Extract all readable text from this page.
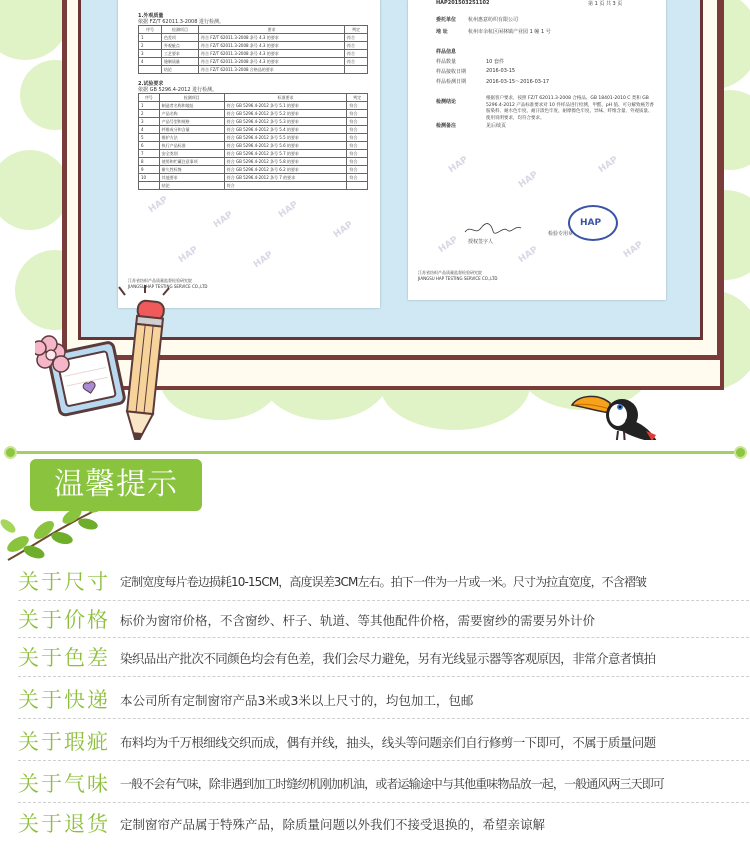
1.外观质量
依据 FZ/T 62011.3-2008 进行检测。
序号	检测项目	要求	判定
1	色差项	符合 FZ/T 62011.3-2008 条号 4.3 的要求	符合
2	外观疵点	符合 FZ/T 62011.3-2008 条号 4.3 的要求	符合
3	工艺要求	符合 FZ/T 62011.3-2008 条号 4.3 的要求	符合
4	缝制质量	符合 FZ/T 62011.3-2008 条号 4.3 的要求	符合
	结论	符合 FZ/T 62011.3-2008 合格品的要求	
2.试验要求
依据 GB 5296.4-2012 进行检测。
序号	检测项目	标准要求	判定
1	制造者名称和地址	符合 GB 5296.4-2012 条号 5.1 的要求	符合
2	产品名称	符合 GB 5296.4-2012 条号 5.2 的要求	符合
3	产品号型和规格	符合 GB 5296.4-2012 条号 5.3 的要求	符合
4	纤维成分和含量	符合 GB 5296.4-2012 条号 5.4 的要求	符合
5	维护方法	符合 GB 5296.4-2012 条号 5.5 的要求	符合
6	执行产品标准	符合 GB 5296.4-2012 条号 5.6 的要求	符合
7	安全类别	符合 GB 5296.4-2012 条号 5.7 的要求	符合
8	使用和贮藏注意事项	符合 GB 5296.4-2012 条号 5.8 的要求	符合
9	耐久性标签	符合 GB 5296.4-2012 条号 6.2 的要求	符合
10	其他要求	符合 GB 5296.4-2012 条号 7 的要求	符合
	结论	符合	
HAP
HAP	HAP
HAP
HAP	HAP
江苏省纺织产品质量监督检验研究院
JIANGSU HAP TESTING SERVICE CO.,LTD
HAP201503251102	第 1 页 共 3 页
委托单位 杭州惠意纺织有限公司
地 址	杭州市余杭区闲林镇产业园 1 幢 1 号
样品信息
样品数量	10 套件
样品接收日期	2016-03-15
样品检测日期	2016-03-15～2016-03-17
检测结论
根据客户要求，按照 FZ/T 62011.3-2008 合格品、GB 18401-2010 C 类和 GB 5296.4-2012 产品标准要求对 10 件样品进行检测，甲醛、pH 值、可分解致癌芳香胺染料、耐水色牢度、耐汗渍色牢度、耐摩擦色牢度、异味、纤维含量、外观质量、使用说明要求，均符合要求。
检测备注	见后续页
HAP
HAP
HAP
HAP	HAP	HAP
授权签字人
HAP
检验专用章
江苏省纺织产品质量监督检验研究院
JIANGSU HAP TESTING SERVICE CO.,LTD
温馨提示
关于尺寸 定制宽度每片卷边损耗10-15CM，高度误差3CM左右。拍下一件为一片或一米。尺寸为拉直宽度，不含褶皱
关于价格 标价为窗帘价格，不含窗纱、杆子、轨道、等其他配件价格，需要窗纱的需要另外计价
关于色差 染织品出产批次不同颜色均会有色差，我们会尽力避免，另有光线显示器等客观原因，非常介意者慎拍
关于快递 本公司所有定制窗帘产品3米或3米以上尺寸的，均包加工，包邮
关于瑕疵 布料均为千万根细线交织而成，偶有并线，抽头，线头等问题亲们自行修剪一下即可，不属于质量问题
关于气味 一般不会有气味，除非遇到加工时缝纫机刚加机油，或者运输途中与其他重味物品放一起，一般通风两三天即可
关于退货 定制窗帘产品属于特殊产品，除质量问题以外我们不接受退换的，希望亲谅解
